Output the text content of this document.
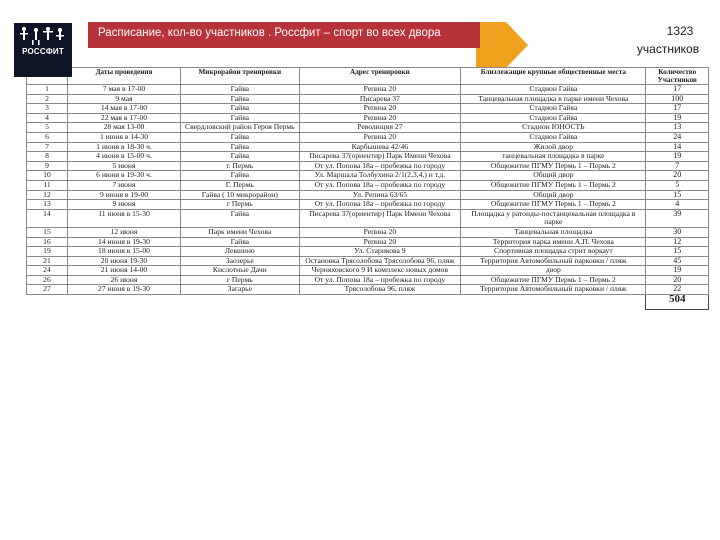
Расписание, кол-во участников . Россфит – спорт во всех двора	1323
участников
РОССФИТ
	Даты проведения	Микрорайон тренировки	Адрес тренировки	Близлежащие крупные общественные места	Количество Участников
1	7 мая в 17-00	Гайва	Репина 20	Стадион Гайва	17
2	9 мая	Гайва	Писарева 37	Танцевальная площадка в парке имени Чехова	100
3	14 мая в 17-00	Гайва	Репина 20	Стадион Гайва	17
4	22 мая в 17-00	Гайва	Репина 20	Стадион Гайва	19
5	28 мая 13-00	Свердловский район Героя Пермь	Революция 27	Стадион ЮНОСТЬ	13
6	1 июня в 14-30	Гайва	Репина 20	Стадион Гайва	24
7	1 июня в 18-30 ч.	Гайва	Карбышева 42/46	Жилой двор	14
8	4 июня в 15-00 ч.	Гайва	Писарева 37(ориентир) Парк Имени Чехова	танцевальная площадка в парке	19
9	5 июня	г. Пермь	От ул. Попова 18а – пробежка по городу	Общежитие ПГМУ Пермь 1 – Пермь 2	7
10	6 июня в 19-30 ч.	Гайва	Ул. Маршала Толбухина 2/1(2,3,4,) и т.д.	Общий двор	20
11	7 июня	Г. Пермь	От ул. Попова 18а – пробежка по городу	Общежитие ПГМУ Пермь 1 – Пермь 2	5
12	9 июня в 19-00	Гайва ( 10 микрорайон)	Ул. Репина 63/65	Общий двор	15
13	9 июня	г Пермь	От ул. Попова 18а – пробежка по городу	Общежитие ПГМУ Пермь 1 – Пермь 2	4
14	11 июня в 15-30	Гайва	Писарева 37(ориентир) Парк Имени Чехова	Площадка у ратонды-постанцевальная площадка в парке	39
15	12 июня	Парк имени Чехова	Репина 20	Танцевальная площадка	30
16	14 июня в 19-30	Гайва	Репина 20	Территория парка имени А.П. Чехова	12
19	18 июня в 15-00	Левшино	Ул. Старикова 9	Спортивная площадка стрит воркаут	15
21	20 июня 19-30	Заозерье	Остановка Трясолобова Трясолобова 96, пляж	Территория Автомобильный парковки / пляж	45
24	21 июня 14-00	Кислотные Дачи	Черняховского 9 И комплекс новых домов	двор	19
26	26 июня	г Пермь	От ул. Попова 18а – пробежка по городу	Общежитие ПГМУ Пермь 1 – Пермь 2	20
27	27 июня в 19-30	Загарье	Трясолобова 96, пляж	Территория Автомобильный парковки / пляж	22
					504
